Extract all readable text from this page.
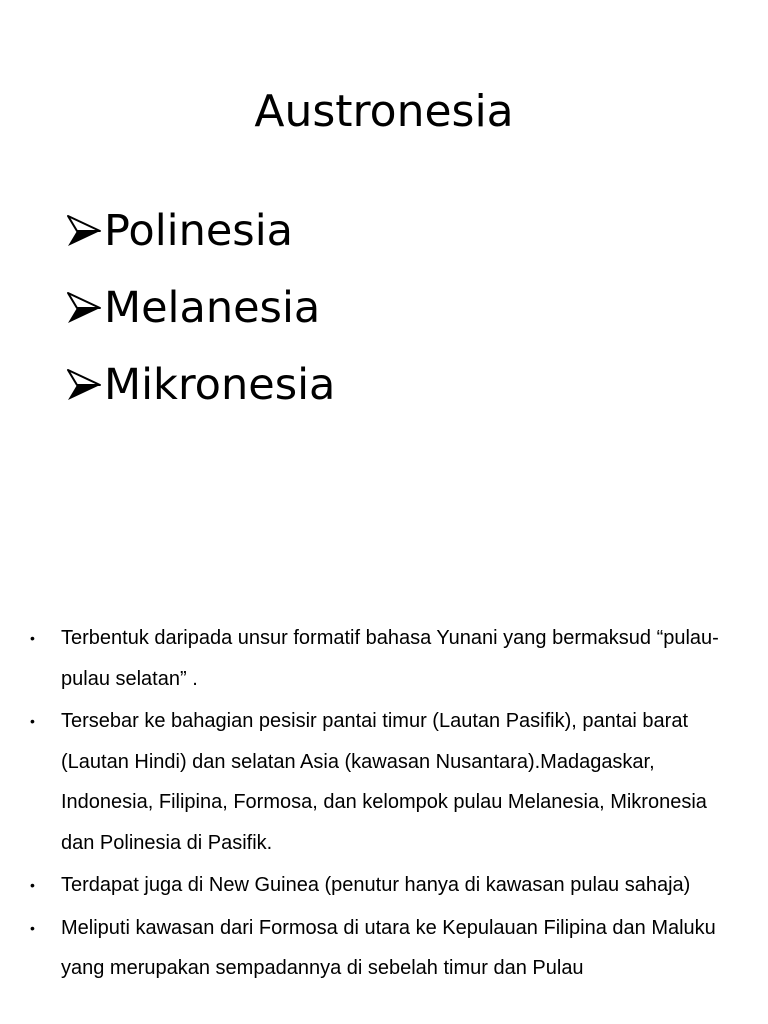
Austronesia
Polinesia
Melanesia
Mikronesia
•	Terbentuk daripada unsur formatif bahasa Yunani yang bermaksud “pulau-pulau selatan” .
•	Tersebar ke bahagian pesisir pantai timur (Lautan Pasifik), pantai barat (Lautan Hindi) dan selatan Asia (kawasan Nusantara).Madagaskar, Indonesia, Filipina, Formosa, dan kelompok pulau Melanesia, Mikronesia dan Polinesia di Pasifik.
•	Terdapat juga di New Guinea (penutur hanya di kawasan pulau sahaja)
•	Meliputi kawasan dari Formosa di utara ke Kepulauan Filipina dan Maluku yang merupakan sempadannya di sebelah timur dan Pulau
